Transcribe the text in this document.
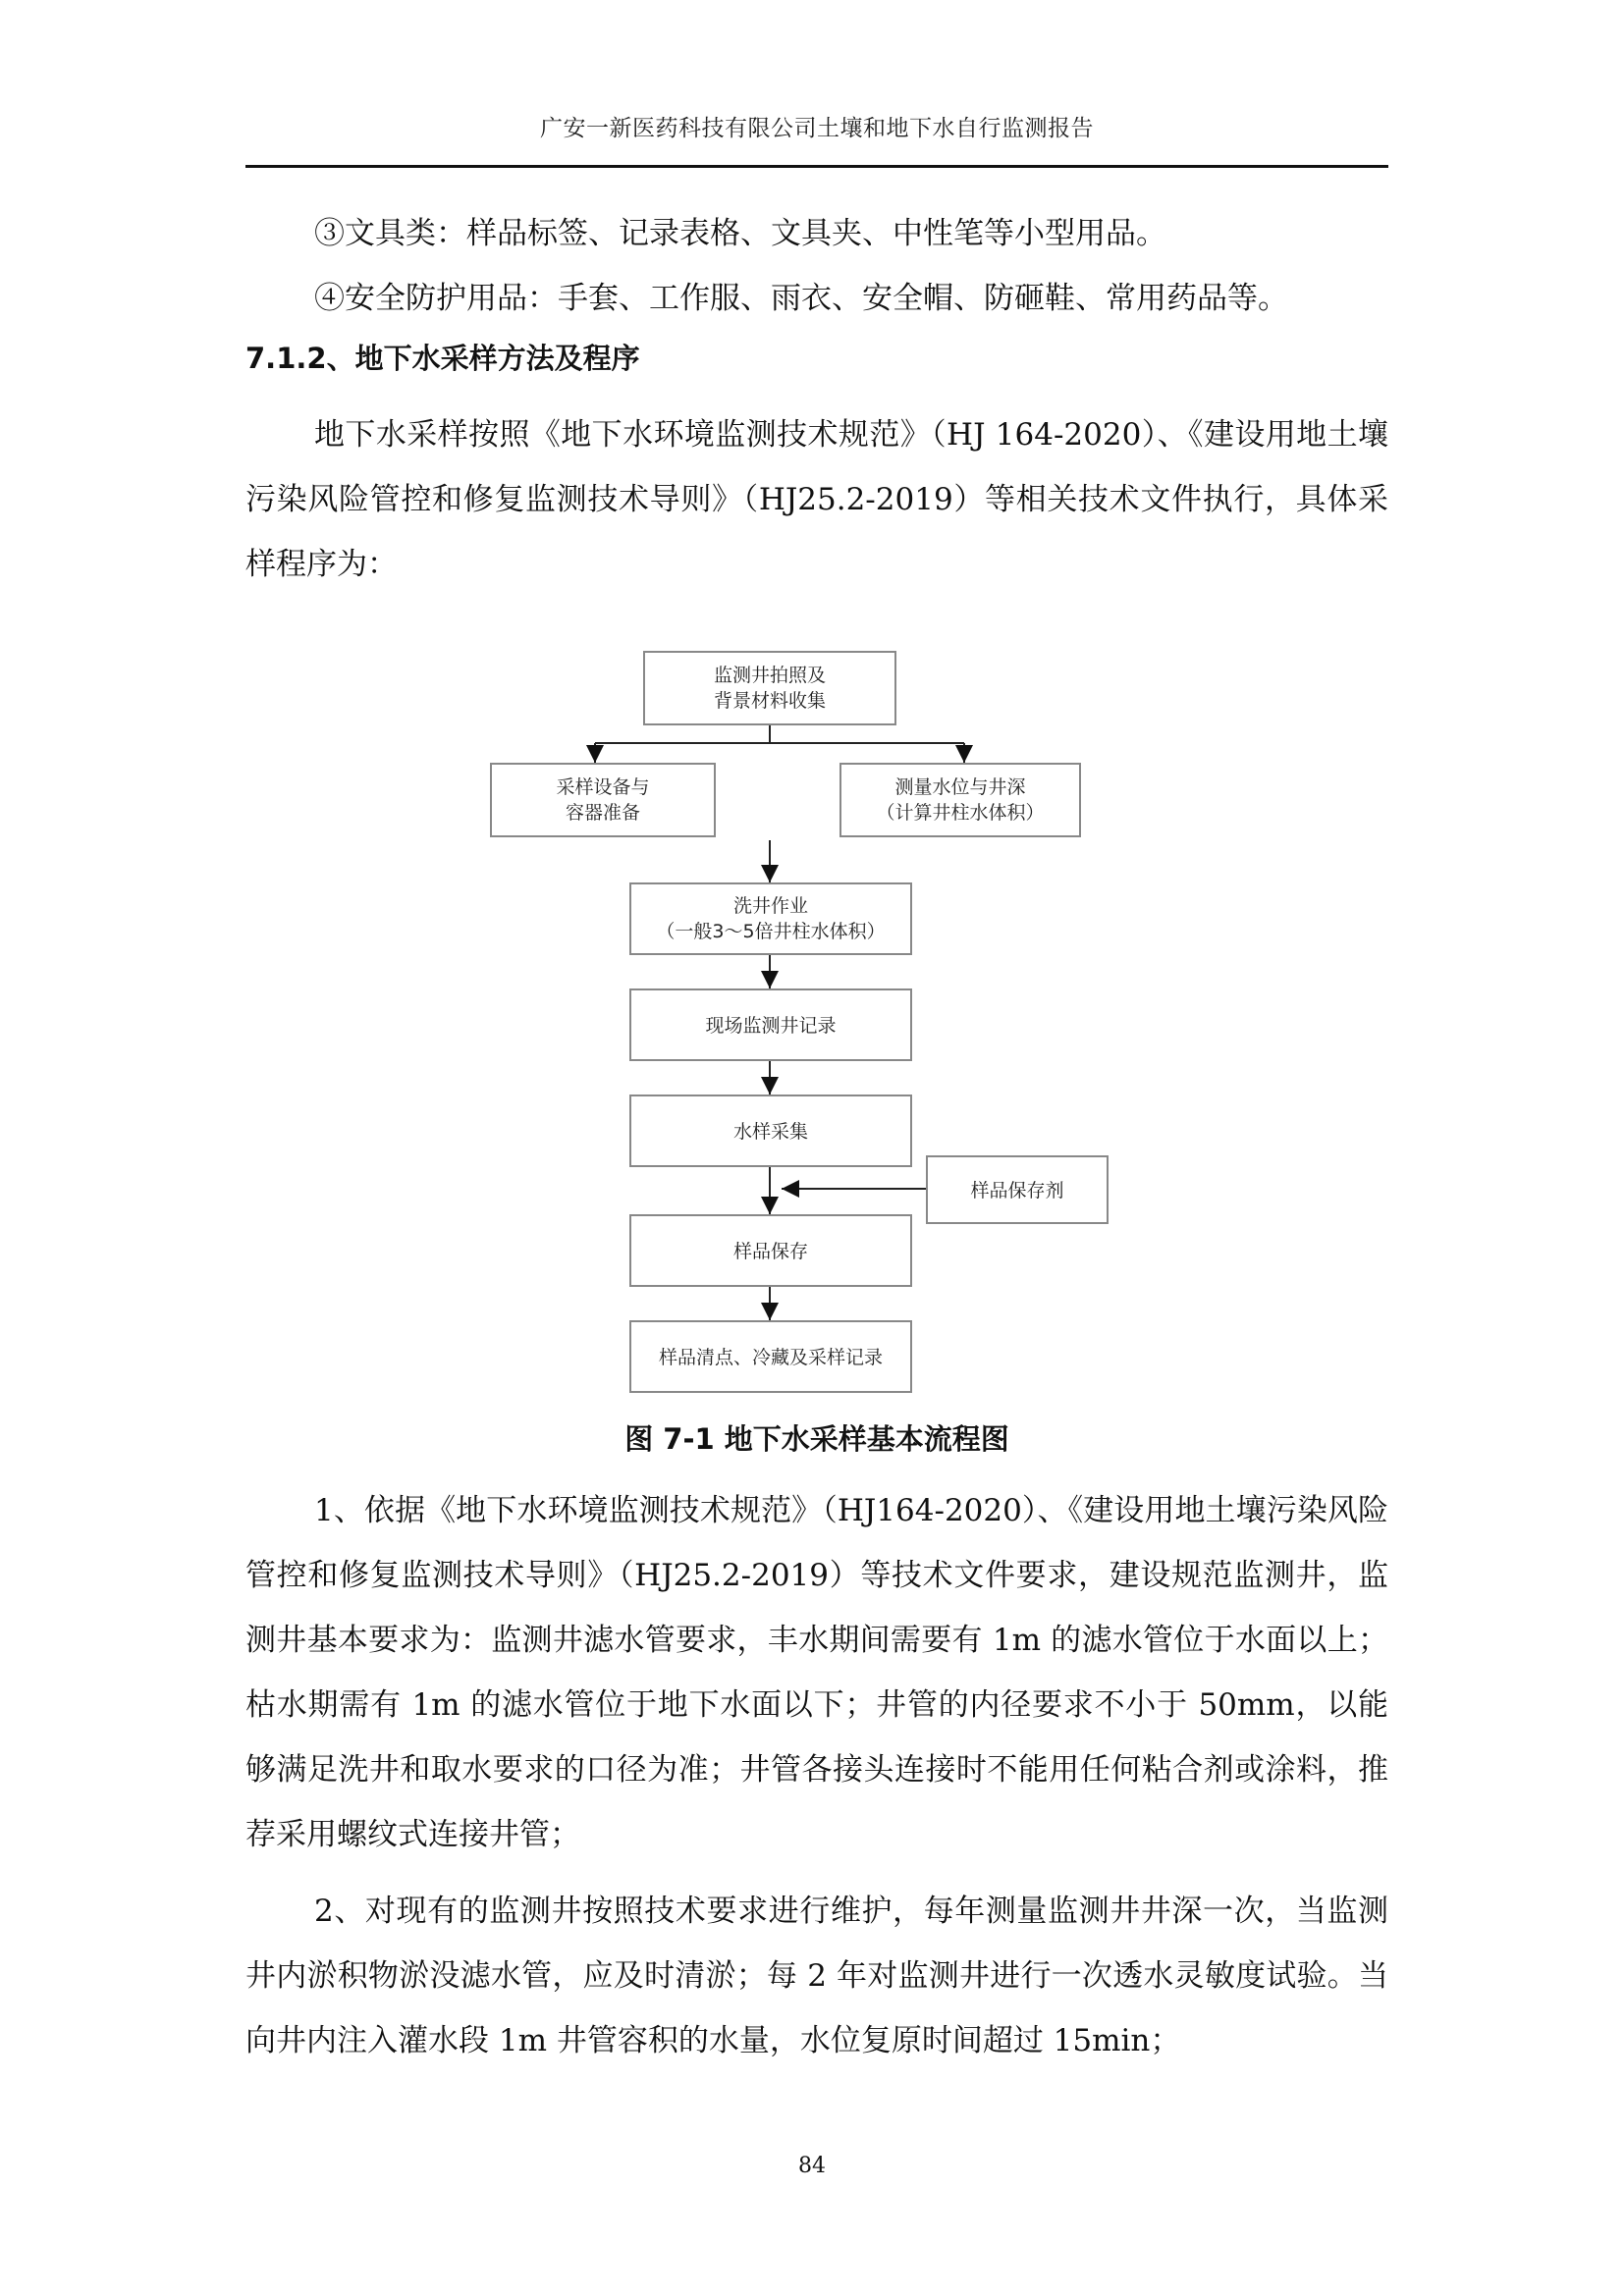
广安一新医药科技有限公司土壤和地下水自行监测报告

③文具类：样品标签、记录表格、文具夹、中性笔等小型用品。

④安全防护用品：手套、工作服、雨衣、安全帽、防砸鞋、常用药品等。

7.1.2、地下水采样方法及程序

地下水采样按照《地下水环境监测技术规范》（HJ 164-2020）、《建设用地土壤污染风险管控和修复监测技术导则》（HJ25.2-2019）等相关技术文件执行，具体采样程序为：

监测井拍照及
背景材料收集
采样设备与
容器准备
测量水位与井深
（计算井柱水体积）
洗井作业
（一般3～5倍井柱水体积）
现场监测井记录
水样采集
样品保存剂
样品保存
样品清点、冷藏及采样记录
图 7-1 地下水采样基本流程图

1、依据《地下水环境监测技术规范》（HJ164-2020）、《建设用地土壤污染风险管控和修复监测技术导则》（HJ25.2-2019）等技术文件要求，建设规范监测井，监测井基本要求为：监测井滤水管要求，丰水期间需要有 1m 的滤水管位于水面以上；枯水期需有 1m 的滤水管位于地下水面以下；井管的内径要求不小于 50mm，以能够满足洗井和取水要求的口径为准；井管各接头连接时不能用任何粘合剂或涂料，推荐采用螺纹式连接井管；

2、对现有的监测井按照技术要求进行维护，每年测量监测井井深一次，当监测井内淤积物淤没滤水管，应及时清淤；每 2 年对监测井进行一次透水灵敏度试验。当向井内注入灌水段 1m 井管容积的水量，水位复原时间超过 15min；

84
